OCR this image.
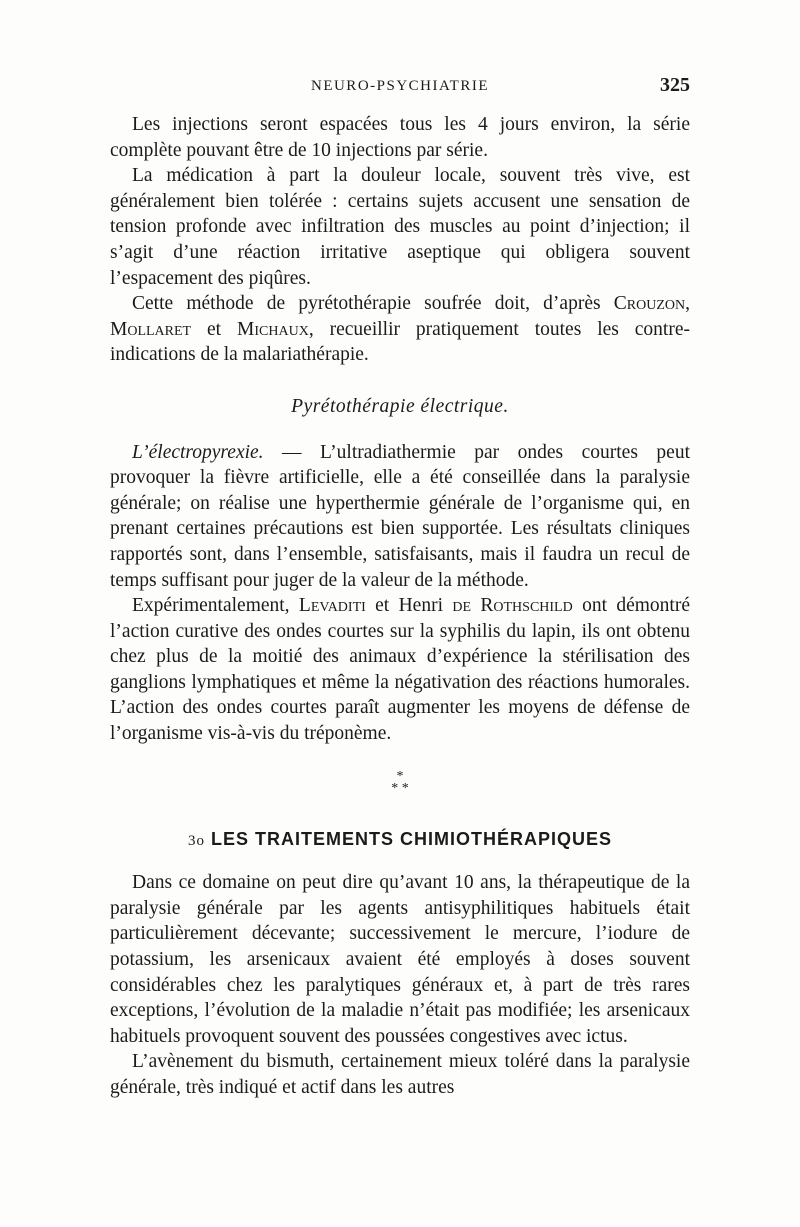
NEURO-PSYCHIATRIE	325

Les injections seront espacées tous les 4 jours environ, la série complète pouvant être de 10 injections par série.

La médication à part la douleur locale, souvent très vive, est généralement bien tolérée : certains sujets accusent une sensation de tension profonde avec infiltration des muscles au point d’injection; il s’agit d’une réaction irritative aseptique qui obligera souvent l’espacement des piqûres.

Cette méthode de pyrétothérapie soufrée doit, d’après Crouzon, Mollaret et Michaux, recueillir pratiquement toutes les contre-indications de la malariathérapie.

Pyrétothérapie électrique.

L’électropyrexie. — L’ultradiathermie par ondes courtes peut provoquer la fièvre artificielle, elle a été conseillée dans la paralysie générale; on réalise une hyperthermie générale de l’organisme qui, en prenant certaines précautions est bien supportée. Les résultats cliniques rapportés sont, dans l’ensemble, satisfaisants, mais il faudra un recul de temps suffisant pour juger de la valeur de la méthode.

Expérimentalement, Levaditi et Henri de Rothschild ont démontré l’action curative des ondes courtes sur la syphilis du lapin, ils ont obtenu chez plus de la moitié des animaux d’expérience la stérilisation des ganglions lymphatiques et même la négativation des réactions humorales. L’action des ondes courtes paraît augmenter les moyens de défense de l’organisme vis-à-vis du tréponème.

*
* *
3o LES TRAITEMENTS CHIMIOTHÉRAPIQUES

Dans ce domaine on peut dire qu’avant 10 ans, la thérapeutique de la paralysie générale par les agents antisyphilitiques habituels était particulièrement décevante; successivement le mercure, l’iodure de potassium, les arsenicaux avaient été employés à doses souvent considérables chez les paralytiques généraux et, à part de très rares exceptions, l’évolution de la maladie n’était pas modifiée; les arsenicaux habituels provoquent souvent des poussées congestives avec ictus.

L’avènement du bismuth, certainement mieux toléré dans la paralysie générale, très indiqué et actif dans les autres
